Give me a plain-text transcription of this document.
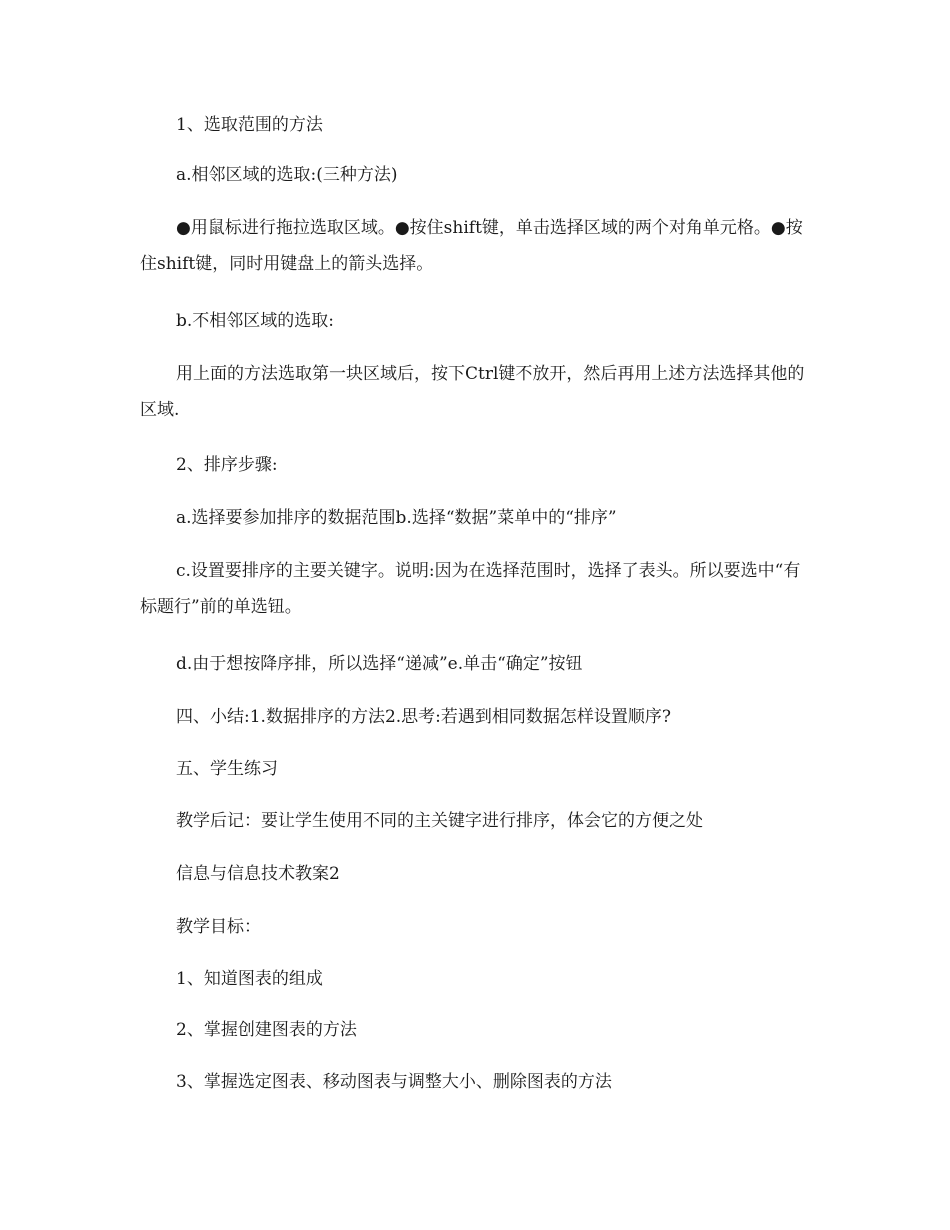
1、选取范围的方法

a.相邻区域的选取:(三种方法)

●用鼠标进行拖拉选取区域。●按住shift键，单击选择区域的两个对角单元格。●按住shift键，同时用键盘上的箭头选择。

b.不相邻区域的选取:

用上面的方法选取第一块区域后，按下Ctrl键不放开，然后再用上述方法选择其他的区域.

2、排序步骤:

a.选择要参加排序的数据范围b.选择“数据”菜单中的“排序”

c.设置要排序的主要关键字。说明:因为在选择范围时，选择了表头。所以要选中“有标题行”前的单选钮。

d.由于想按降序排，所以选择“递减”e.单击“确定”按钮

四、小结:1.数据排序的方法2.思考:若遇到相同数据怎样设置顺序?

五、学生练习

教学后记：要让学生使用不同的主关键字进行排序，体会它的方便之处

信息与信息技术教案2

教学目标：

1、知道图表的组成

2、掌握创建图表的方法

3、掌握选定图表、移动图表与调整大小、删除图表的方法
